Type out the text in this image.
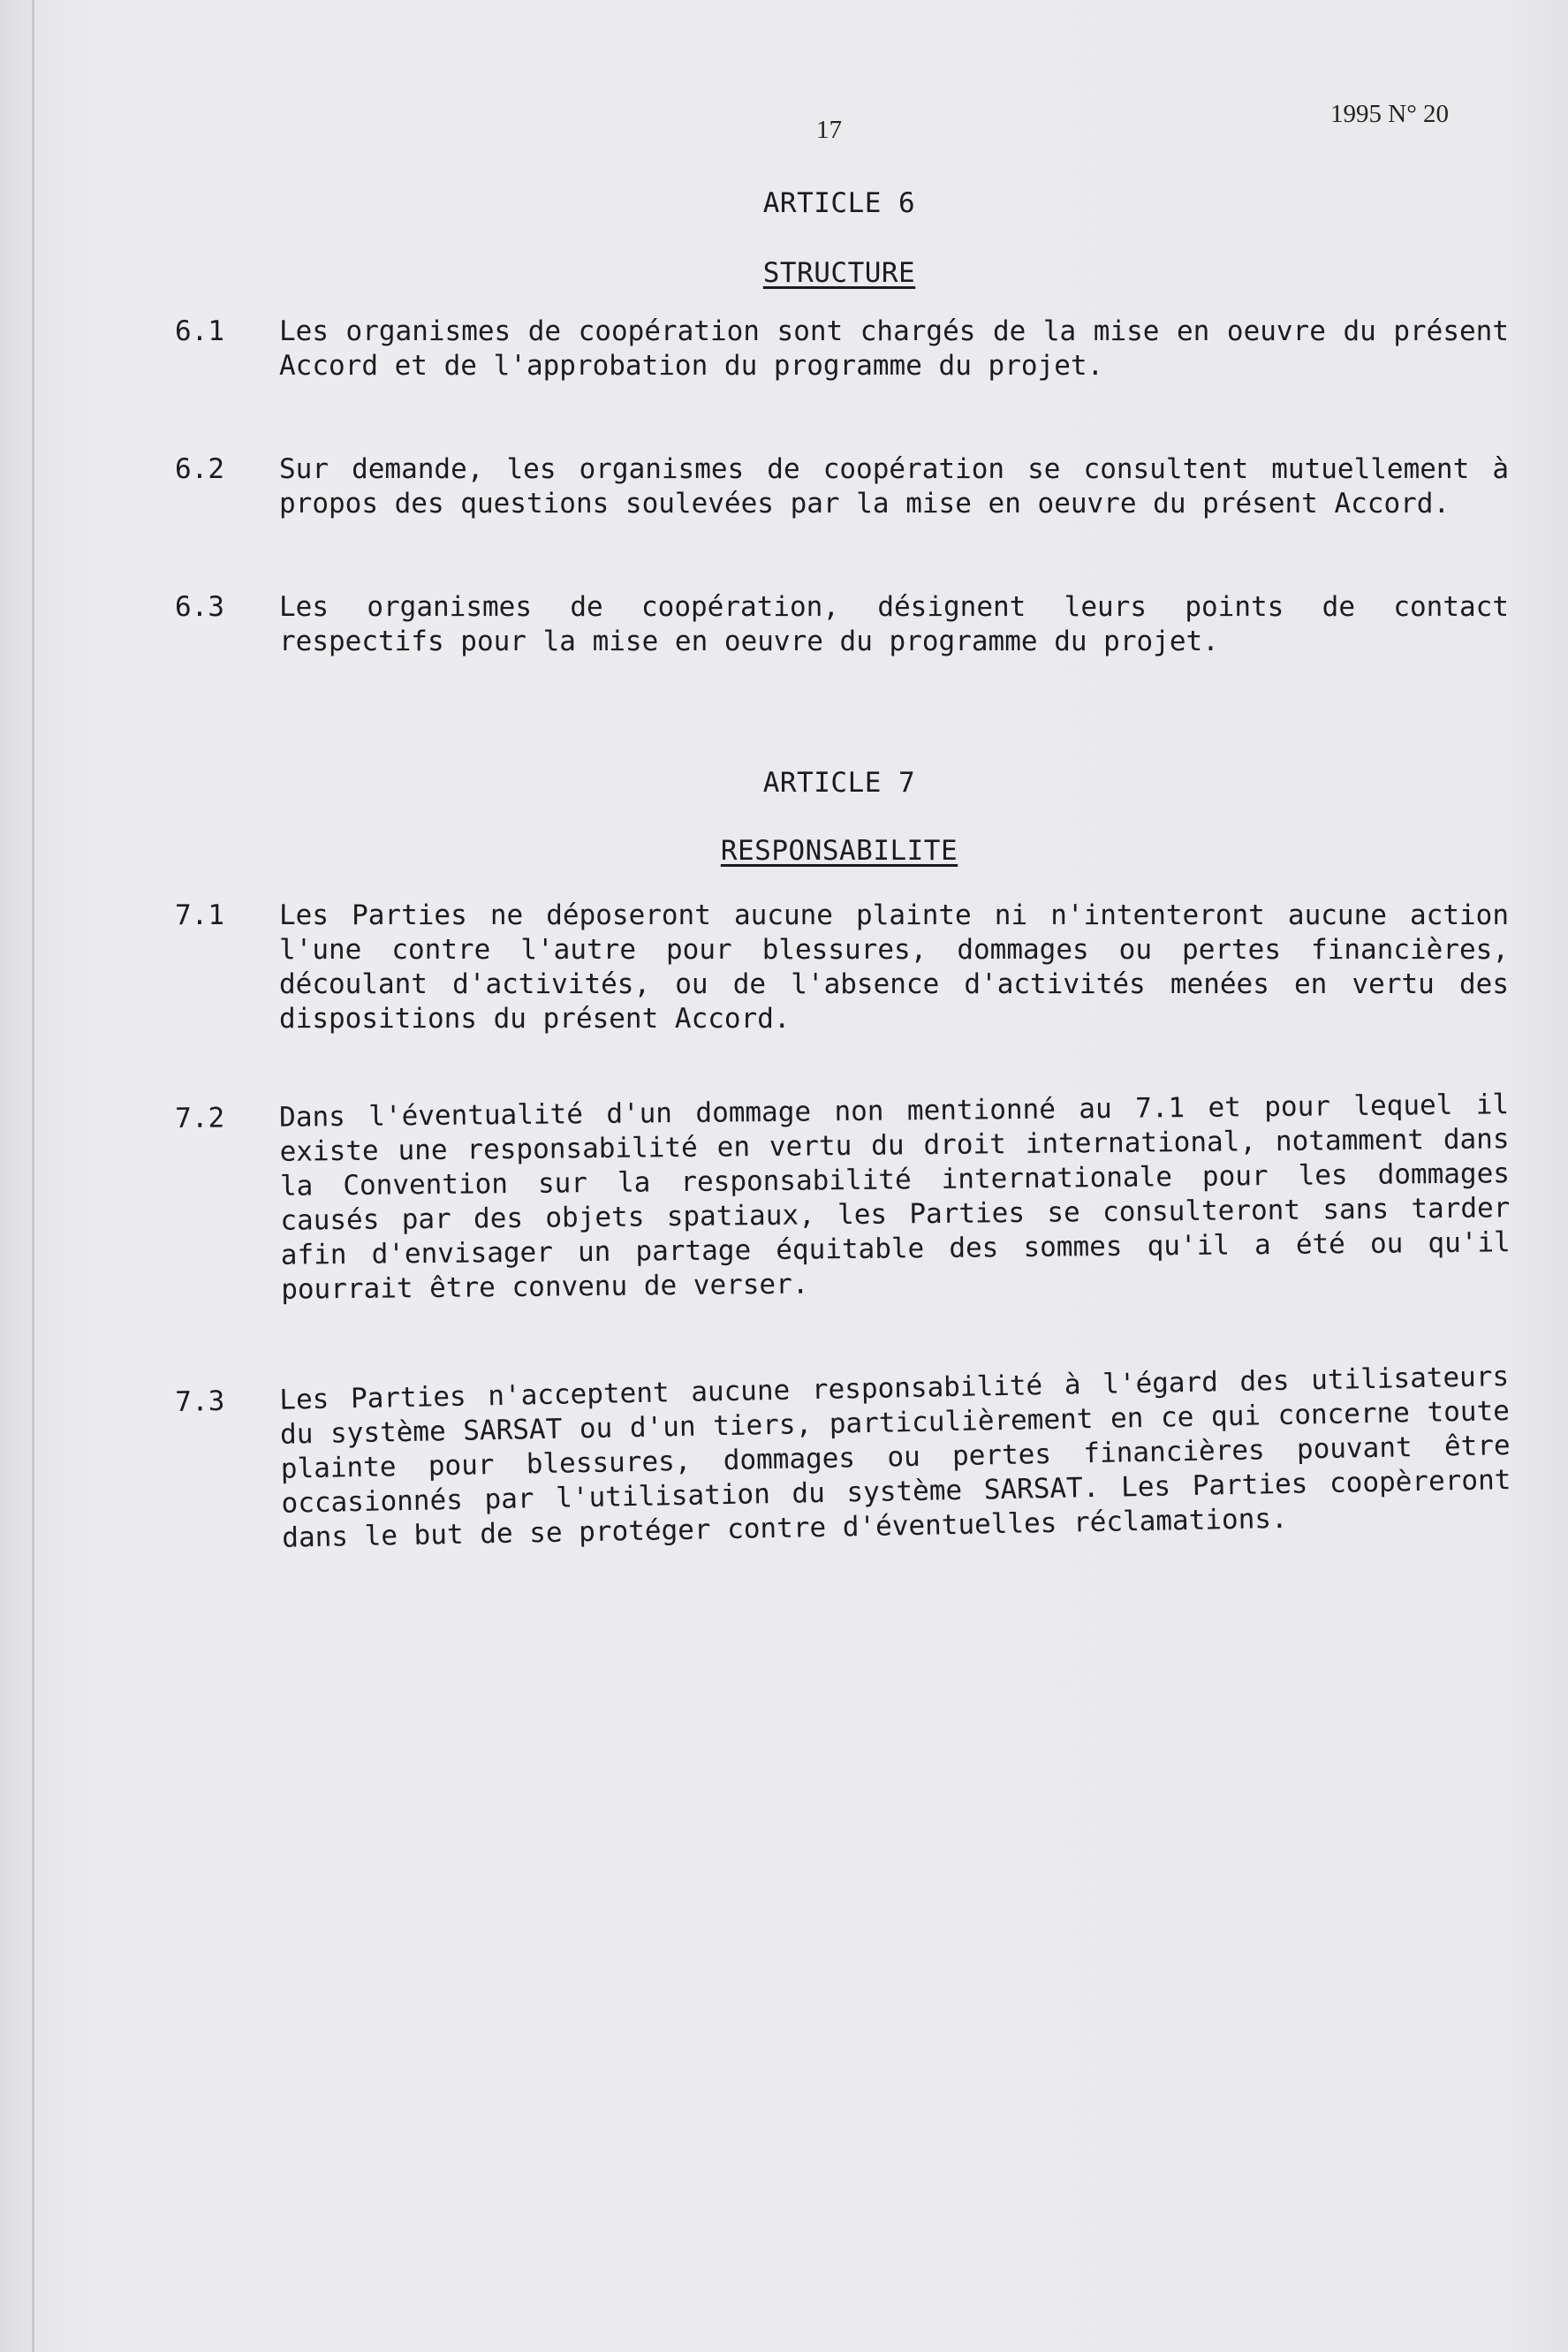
17
1995 N° 20
ARTICLE 6
STRUCTURE
6.1	Les organismes de coopération sont chargés de la mise en oeuvre du présent Accord et de l'approbation du programme du projet.
6.2	Sur demande, les organismes de coopération se consultent mutuellement à propos des questions soulevées par la mise en oeuvre du présent Accord.
6.3	Les organismes de coopération, désignent leurs points de contact respectifs pour la mise en oeuvre du programme du projet.
ARTICLE 7
RESPONSABILITE
7.1	Les Parties ne déposeront aucune plainte ni n'intenteront aucune action l'une contre l'autre pour blessures, dommages ou pertes financières, découlant d'activités, ou de l'absence d'activités menées en vertu des dispositions du présent Accord.
7.2	Dans l'éventualité d'un dommage non mentionné au 7.1 et pour lequel il existe une responsabilité en vertu du droit international, notamment dans la Convention sur la responsabilité internationale pour les dommages causés par des objets spatiaux, les Parties se consulteront sans tarder afin d'envisager un partage équitable des sommes qu'il a été ou qu'il pourrait être convenu de verser.
7.3	Les Parties n'acceptent aucune responsabilité à l'égard des utilisateurs du système SARSAT ou d'un tiers, particulièrement en ce qui concerne toute plainte pour blessures, dommages ou pertes financières pouvant être occasionnés par l'utilisation du système SARSAT. Les Parties coopèreront dans le but de se protéger contre d'éventuelles réclamations.
